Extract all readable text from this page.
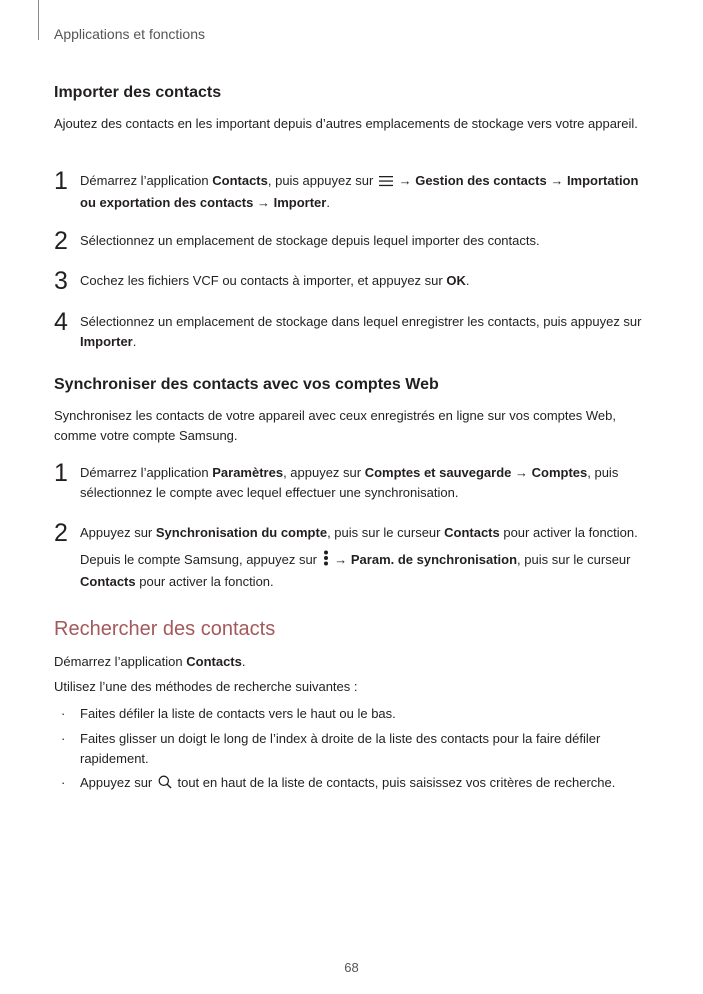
Applications et fonctions
Importer des contacts
Ajoutez des contacts en les important depuis d’autres emplacements de stockage vers votre appareil.
1 Démarrez l’application Contacts, puis appuyez sur  → Gestion des contacts → Importation ou exportation des contacts → Importer.
2 Sélectionnez un emplacement de stockage depuis lequel importer des contacts.
3 Cochez les fichiers VCF ou contacts à importer, et appuyez sur OK.
4 Sélectionnez un emplacement de stockage dans lequel enregistrer les contacts, puis appuyez sur Importer.
Synchroniser des contacts avec vos comptes Web
Synchronisez les contacts de votre appareil avec ceux enregistrés en ligne sur vos comptes Web, comme votre compte Samsung.
1 Démarrez l’application Paramètres, appuyez sur Comptes et sauvegarde → Comptes, puis sélectionnez le compte avec lequel effectuer une synchronisation.
2 Appuyez sur Synchronisation du compte, puis sur le curseur Contacts pour activer la fonction.
Depuis le compte Samsung, appuyez sur  → Param. de synchronisation, puis sur le curseur Contacts pour activer la fonction.
Rechercher des contacts
Démarrez l’application Contacts.
Utilisez l’une des méthodes de recherche suivantes :
· Faites défiler la liste de contacts vers le haut ou le bas.
· Faites glisser un doigt le long de l’index à droite de la liste des contacts pour la faire défiler rapidement.
· Appuyez sur  tout en haut de la liste de contacts, puis saisissez vos critères de recherche.
68
